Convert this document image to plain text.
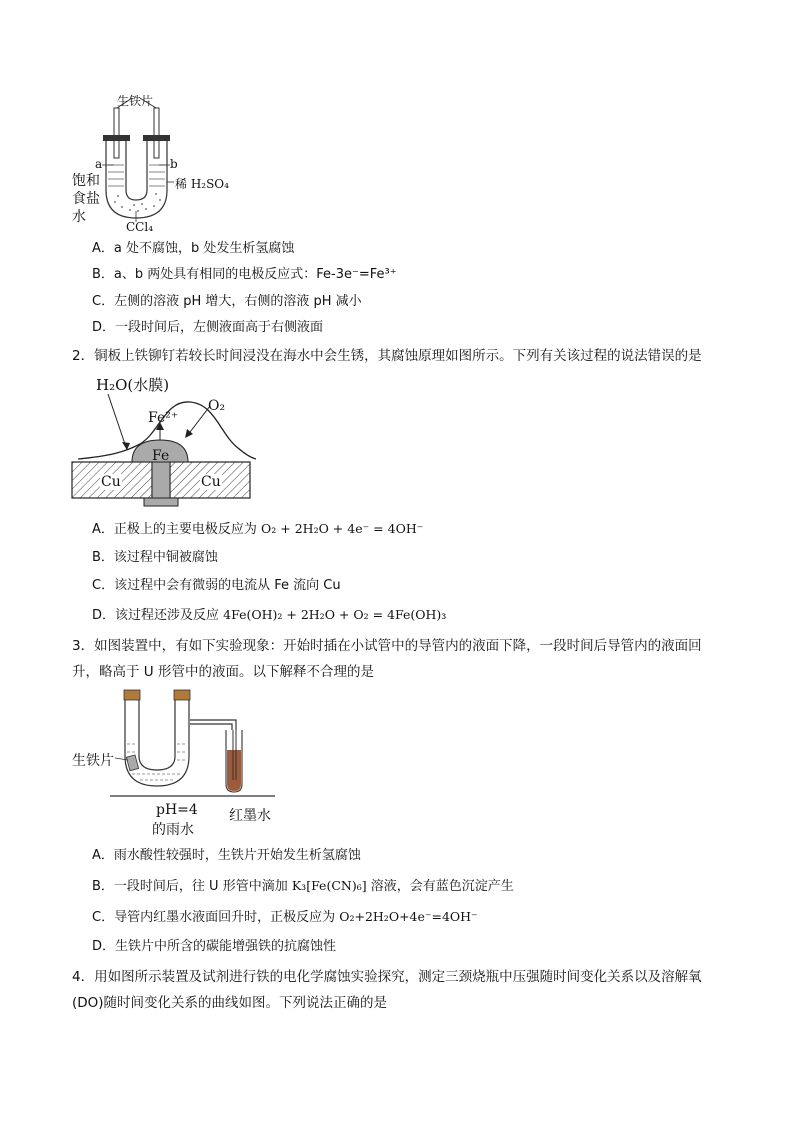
生铁片
a	b
饱和
食盐
水
稀 H₂SO₄
CCl₄
A．a 处不腐蚀，b 处发生析氢腐蚀
B．a、b 两处具有相同的电极反应式：Fe-3e⁻=Fe³⁺
C．左侧的溶液 pH 增大，右侧的溶液 pH 减小
D．一段时间后，左侧液面高于右侧液面
2．铜板上铁铆钉若较长时间浸没在海水中会生锈，其腐蚀原理如图所示。下列有关该过程的说法错误的是
H₂O(水膜)
Fe²⁺
O₂
Fe
Cu	Cu
A．正极上的主要电极反应为 O₂ + 2H₂O + 4e⁻ = 4OH⁻
B．该过程中铜被腐蚀
C．该过程中会有微弱的电流从 Fe 流向 Cu
D．该过程还涉及反应 4Fe(OH)₂ + 2H₂O + O₂ = 4Fe(OH)₃
3．如图装置中，有如下实验现象：开始时插在小试管中的导管内的液面下降，一段时间后导管内的液面回
升，略高于 U 形管中的液面。以下解释不合理的是
生铁片
pH=4
的雨水
红墨水
A．雨水酸性较强时，生铁片开始发生析氢腐蚀
B．一段时间后，往 U 形管中滴加 K₃[Fe(CN)₆] 溶液，会有蓝色沉淀产生
C．导管内红墨水液面回升时，正极反应为 O₂+2H₂O+4e⁻=4OH⁻
D．生铁片中所含的碳能增强铁的抗腐蚀性
4．用如图所示装置及试剂进行铁的电化学腐蚀实验探究，测定三颈烧瓶中压强随时间变化关系以及溶解氧
(DO)随时间变化关系的曲线如图。下列说法正确的是
